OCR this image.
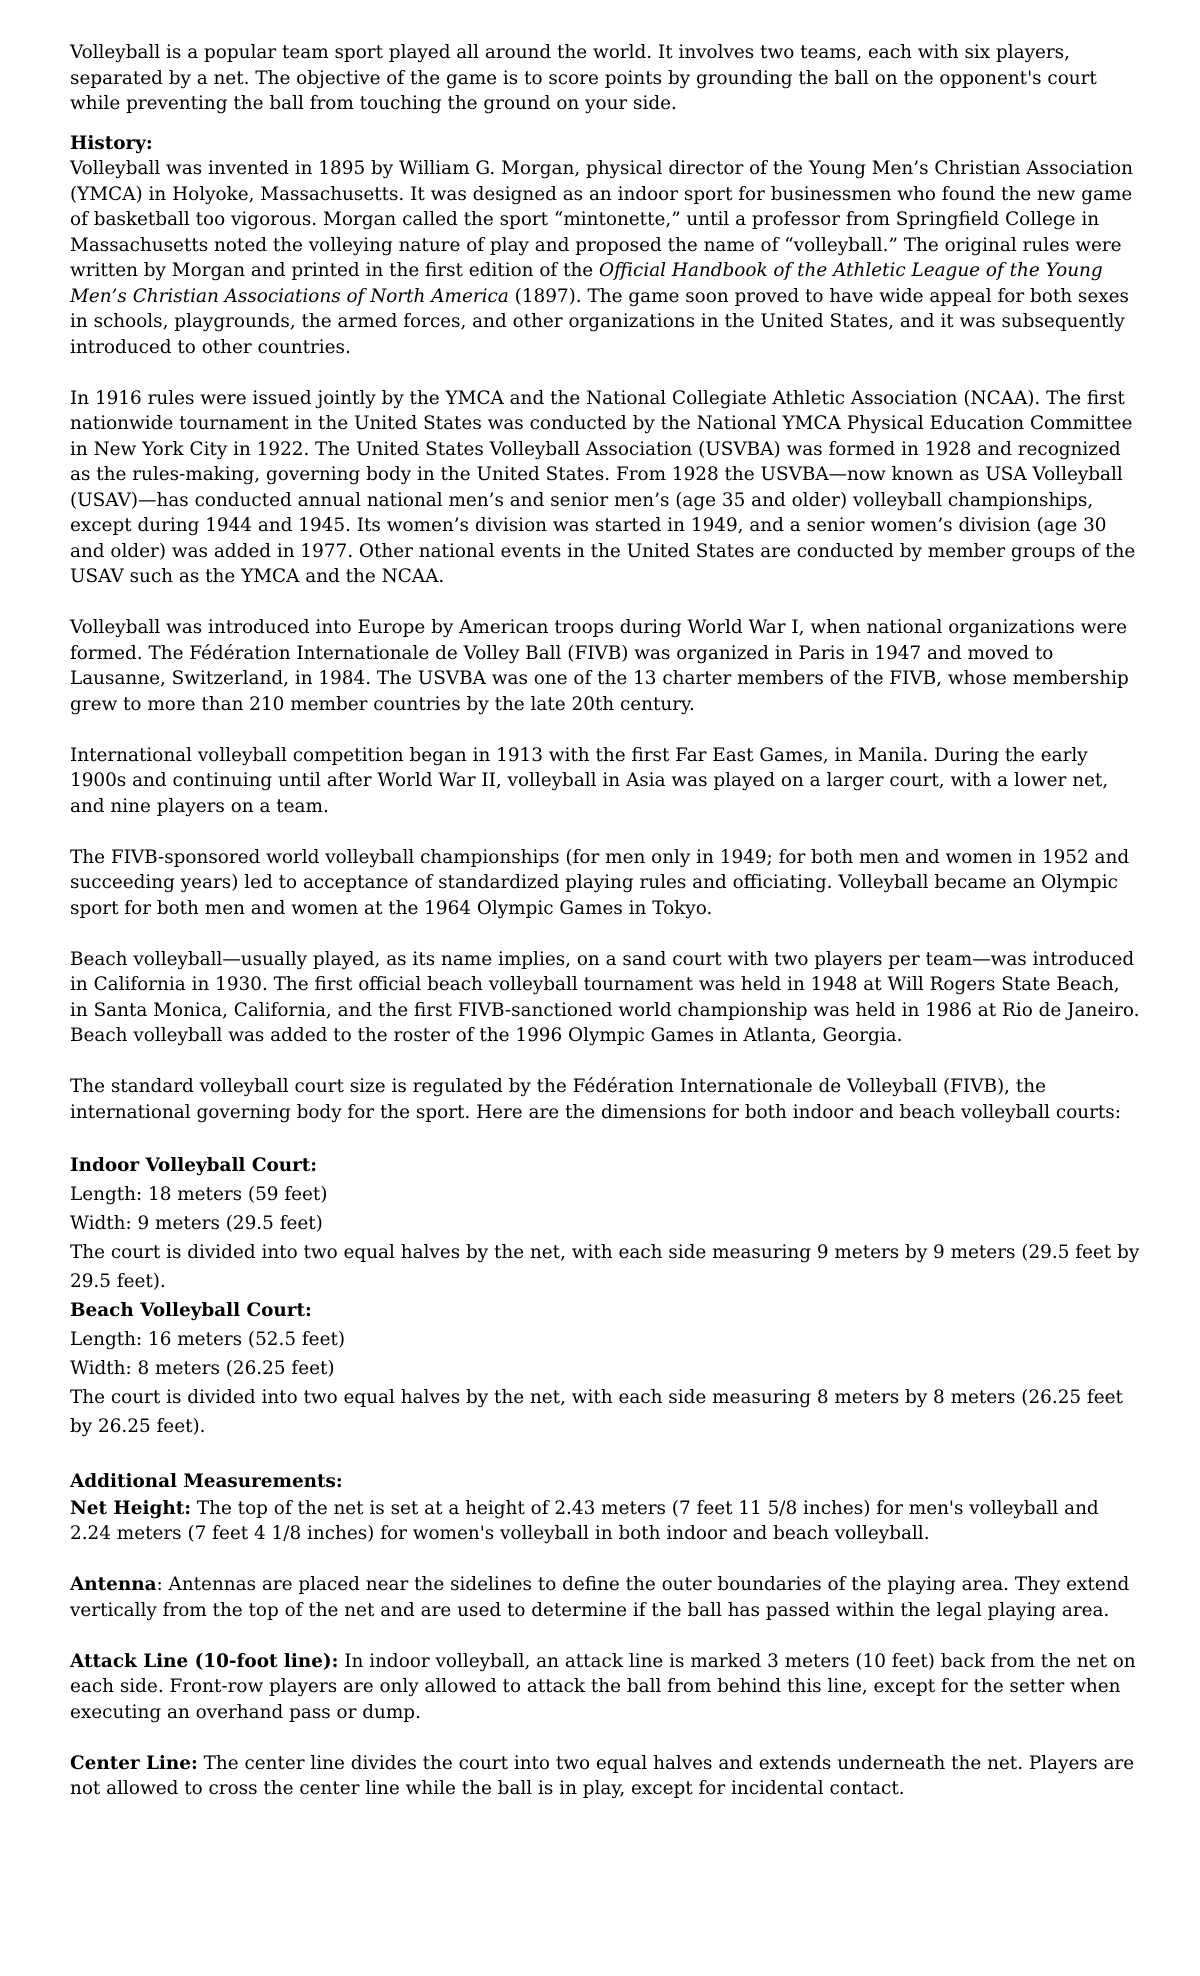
Volleyball is a popular team sport played all around the world. It involves two teams, each with six players, separated by a net. The objective of the game is to score points by grounding the ball on the opponent's court while preventing the ball from touching the ground on your side.

History:

Volleyball was invented in 1895 by William G. Morgan, physical director of the Young Men’s Christian Association (YMCA) in Holyoke, Massachusetts. It was designed as an indoor sport for businessmen who found the new game of basketball too vigorous. Morgan called the sport “mintonette,” until a professor from Springfield College in Massachusetts noted the volleying nature of play and proposed the name of “volleyball.” The original rules were written by Morgan and printed in the first edition of the Official Handbook of the Athletic League of the Young Men’s Christian Associations of North America (1897). The game soon proved to have wide appeal for both sexes in schools, playgrounds, the armed forces, and other organizations in the United States, and it was subsequently introduced to other countries.

In 1916 rules were issued jointly by the YMCA and the National Collegiate Athletic Association (NCAA). The first nationwide tournament in the United States was conducted by the National YMCA Physical Education Committee in New York City in 1922. The United States Volleyball Association (USVBA) was formed in 1928 and recognized as the rules-making, governing body in the United States. From 1928 the USVBA—now known as USA Volleyball (USAV)—has conducted annual national men’s and senior men’s (age 35 and older) volleyball championships, except during 1944 and 1945. Its women’s division was started in 1949, and a senior women’s division (age 30 and older) was added in 1977. Other national events in the United States are conducted by member groups of the USAV such as the YMCA and the NCAA.

Volleyball was introduced into Europe by American troops during World War I, when national organizations were formed. The Fédération Internationale de Volley Ball (FIVB) was organized in Paris in 1947 and moved to Lausanne, Switzerland, in 1984. The USVBA was one of the 13 charter members of the FIVB, whose membership grew to more than 210 member countries by the late 20th century.

International volleyball competition began in 1913 with the first Far East Games, in Manila. During the early 1900s and continuing until after World War II, volleyball in Asia was played on a larger court, with a lower net, and nine players on a team.

The FIVB-sponsored world volleyball championships (for men only in 1949; for both men and women in 1952 and succeeding years) led to acceptance of standardized playing rules and officiating. Volleyball became an Olympic sport for both men and women at the 1964 Olympic Games in Tokyo.

Beach volleyball—usually played, as its name implies, on a sand court with two players per team—was introduced in California in 1930. The first official beach volleyball tournament was held in 1948 at Will Rogers State Beach, in Santa Monica, California, and the first FIVB-sanctioned world championship was held in 1986 at Rio de Janeiro. Beach volleyball was added to the roster of the 1996 Olympic Games in Atlanta, Georgia.

The standard volleyball court size is regulated by the Fédération Internationale de Volleyball (FIVB), the international governing body for the sport. Here are the dimensions for both indoor and beach volleyball courts:

Indoor Volleyball Court:

Length: 18 meters (59 feet)

Width: 9 meters (29.5 feet)

The court is divided into two equal halves by the net, with each side measuring 9 meters by 9 meters (29.5 feet by 29.5 feet).

Beach Volleyball Court:

Length: 16 meters (52.5 feet)

Width: 8 meters (26.25 feet)

The court is divided into two equal halves by the net, with each side measuring 8 meters by 8 meters (26.25 feet by 26.25 feet).

Additional Measurements:

Net Height: The top of the net is set at a height of 2.43 meters (7 feet 11 5/8 inches) for men's volleyball and 2.24 meters (7 feet 4 1/8 inches) for women's volleyball in both indoor and beach volleyball.

Antenna: Antennas are placed near the sidelines to define the outer boundaries of the playing area. They extend vertically from the top of the net and are used to determine if the ball has passed within the legal playing area.

Attack Line (10-foot line): In indoor volleyball, an attack line is marked 3 meters (10 feet) back from the net on each side. Front-row players are only allowed to attack the ball from behind this line, except for the setter when executing an overhand pass or dump.

Center Line: The center line divides the court into two equal halves and extends underneath the net. Players are not allowed to cross the center line while the ball is in play, except for incidental contact.
